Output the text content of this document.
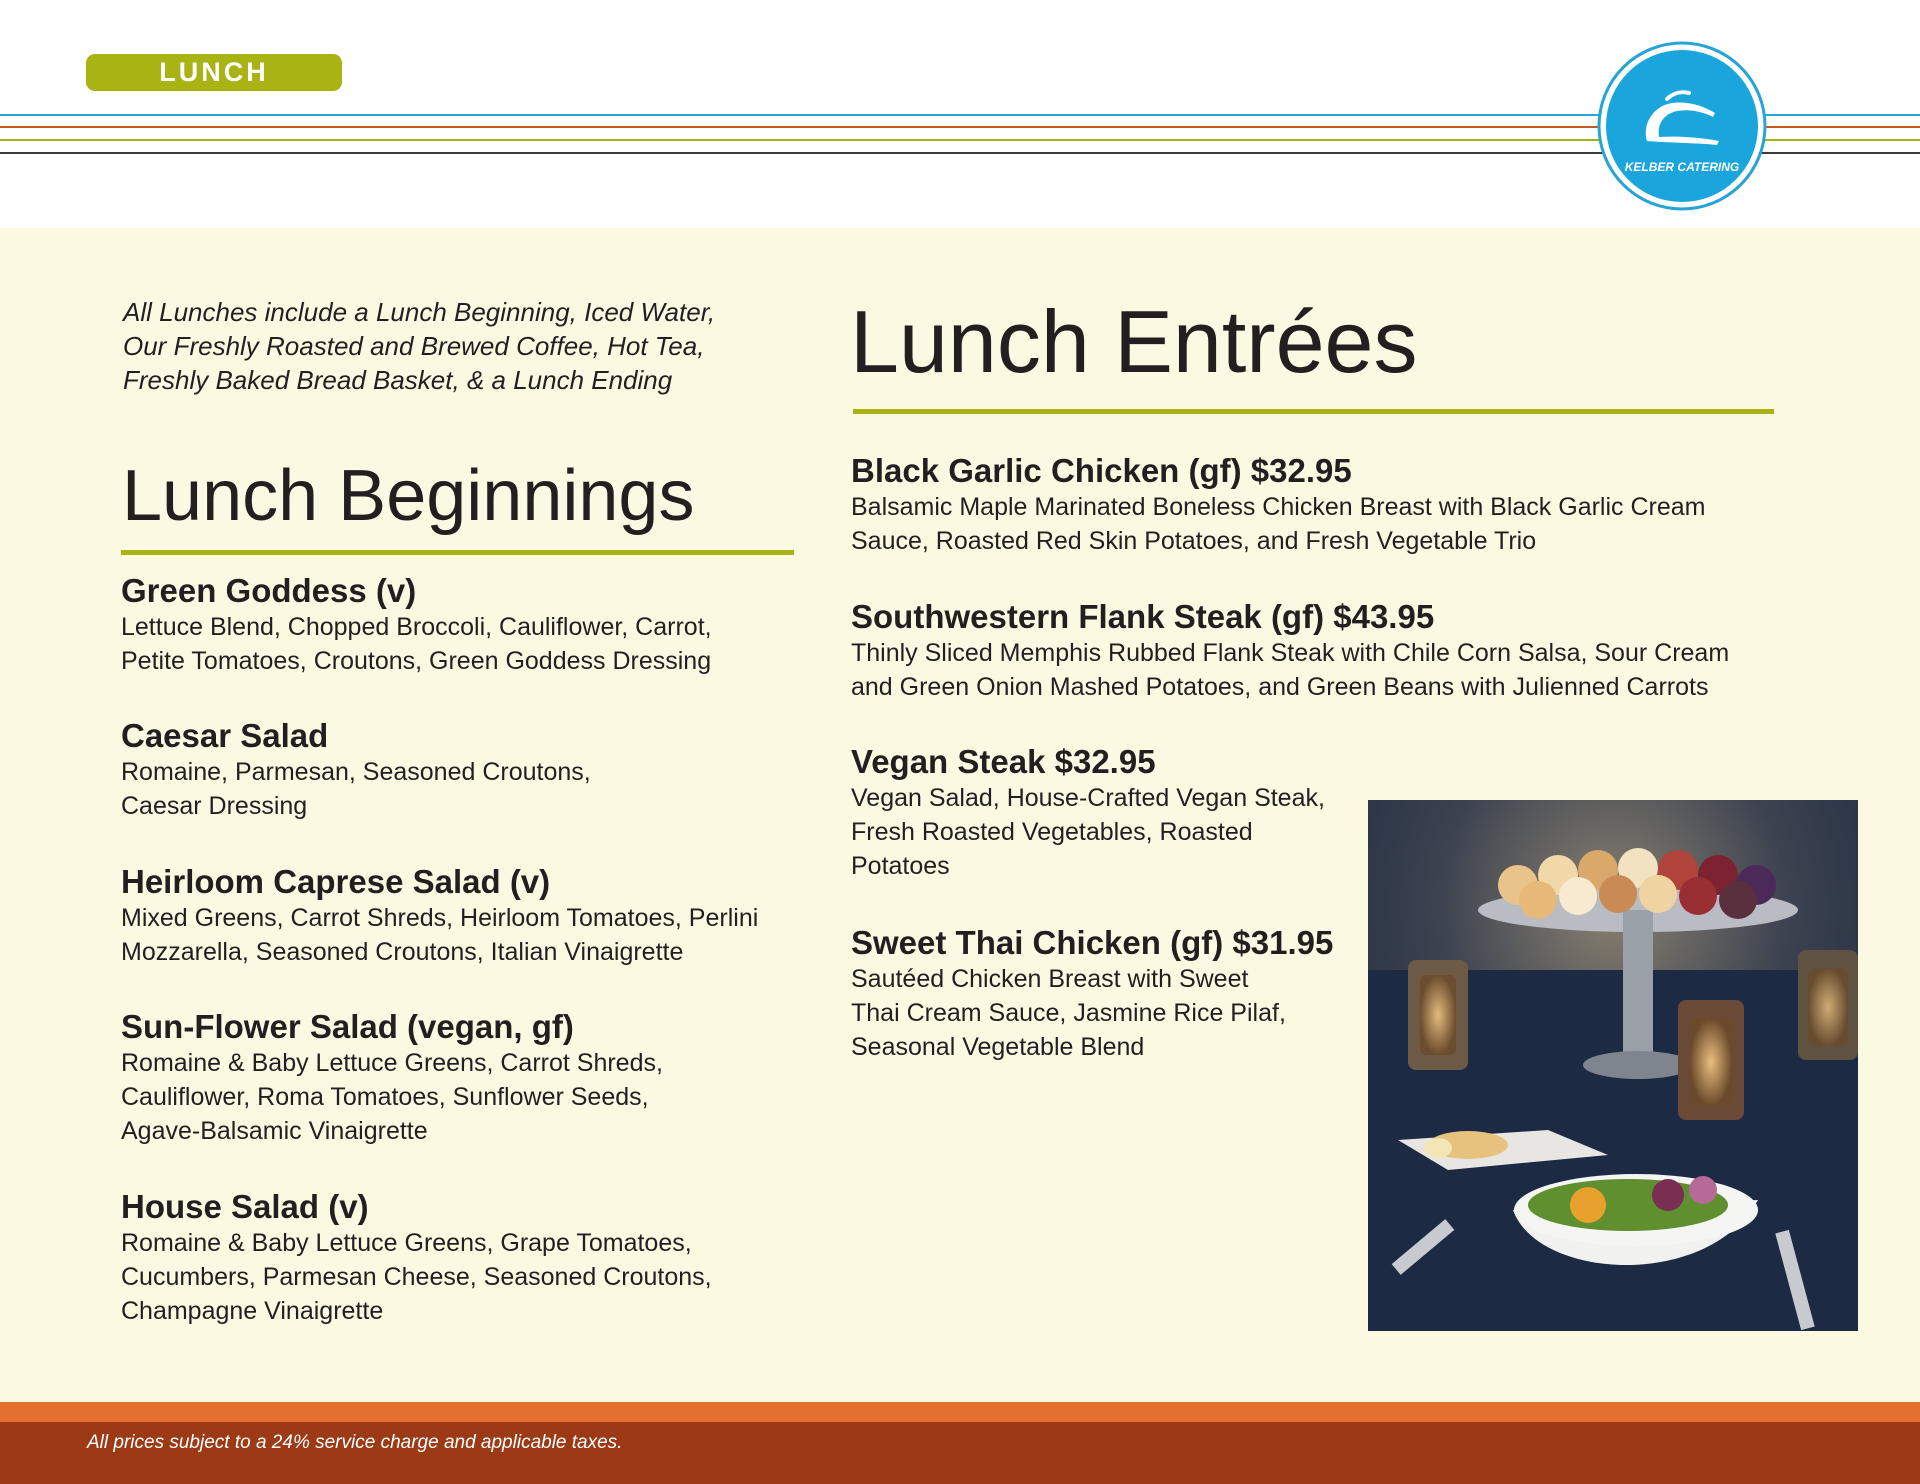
LUNCH
KELBER CATERING

All Lunches include a Lunch Beginning, Iced Water,
Our Freshly Roasted and Brewed Coffee, Hot Tea,
Freshly Baked Bread Basket, & a Lunch Ending

Lunch Beginnings
Lunch Entrées
Green Goddess (v)

Lettuce Blend, Chopped Broccoli, Cauliflower, Carrot,

Petite Tomatoes, Croutons, Green Goddess Dressing

Caesar Salad

Romaine, Parmesan, Seasoned Croutons,

Caesar Dressing

Heirloom Caprese Salad (v)

Mixed Greens, Carrot Shreds, Heirloom Tomatoes, Perlini

Mozzarella, Seasoned Croutons, Italian Vinaigrette

Sun-Flower Salad (vegan, gf)

Romaine & Baby Lettuce Greens, Carrot Shreds,

Cauliflower, Roma Tomatoes, Sunflower Seeds,

Agave-Balsamic Vinaigrette

House Salad (v)

Romaine & Baby Lettuce Greens, Grape Tomatoes,

Cucumbers, Parmesan Cheese, Seasoned Croutons,

Champagne Vinaigrette

Black Garlic Chicken (gf) $32.95

Balsamic Maple Marinated Boneless Chicken Breast with Black Garlic Cream

Sauce, Roasted Red Skin Potatoes, and Fresh Vegetable Trio

Southwestern Flank Steak (gf) $43.95

Thinly Sliced Memphis Rubbed Flank Steak with Chile Corn Salsa, Sour Cream

and Green Onion Mashed Potatoes, and Green Beans with Julienned Carrots

Vegan Steak $32.95

Vegan Salad, House-Crafted Vegan Steak,

Fresh Roasted Vegetables, Roasted

Potatoes

Sweet Thai Chicken (gf) $31.95

Sautéed Chicken Breast with Sweet

Thai Cream Sauce, Jasmine Rice Pilaf,

Seasonal Vegetable Blend

All prices subject to a 24% service charge and applicable taxes.
